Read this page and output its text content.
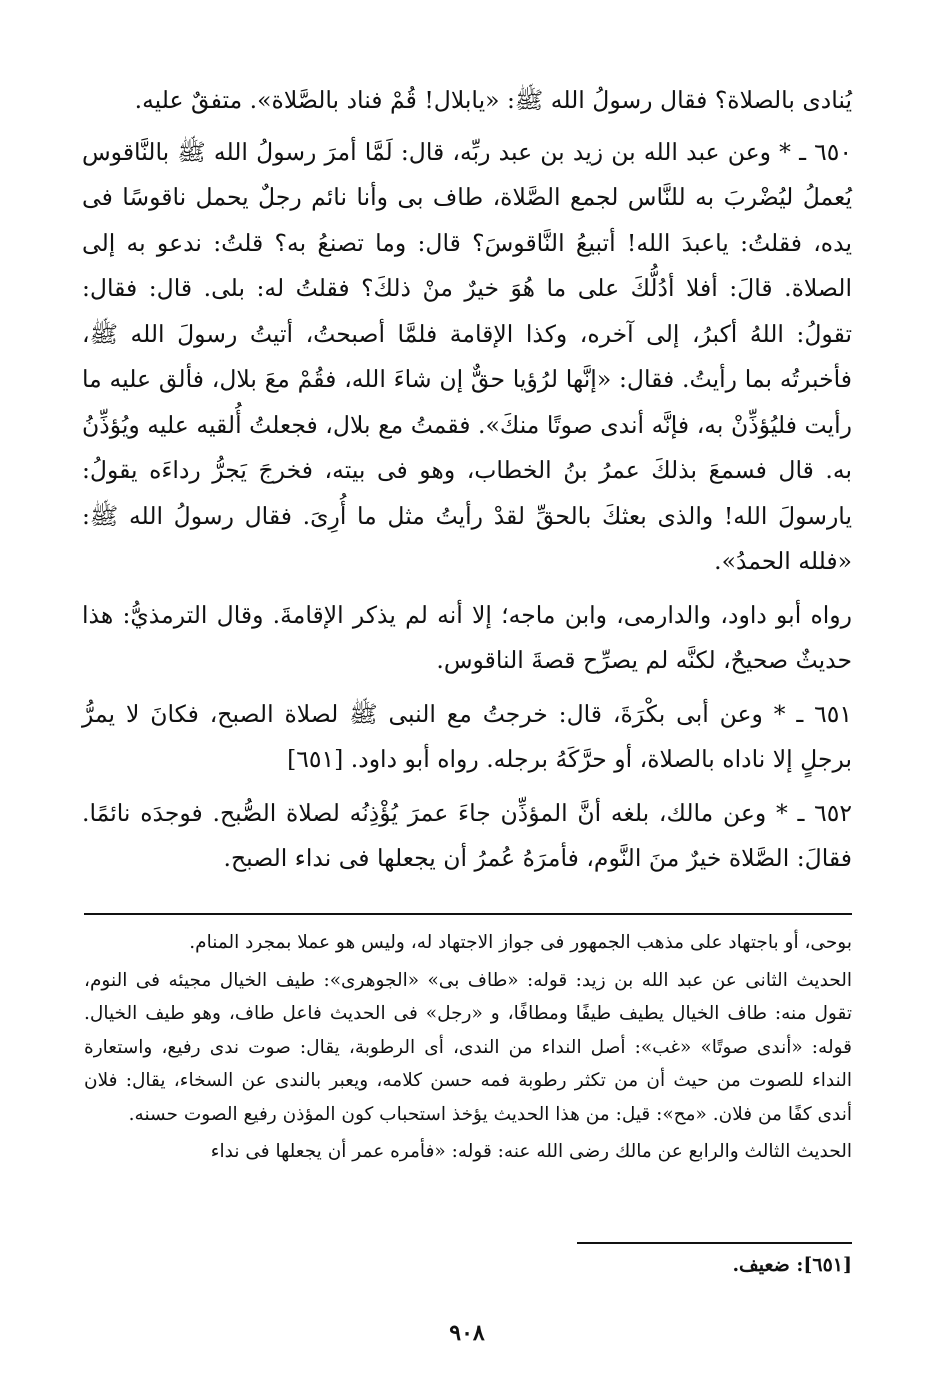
يُنادى بالصلاة؟ فقال رسولُ الله ﷺ: «يابلال! قُمْ فناد بالصَّلاة». متفقٌ عليه.

٦٥٠ ـ * وعن عبد الله بن زيد بن عبد ربِّه، قال: لَمَّا أمرَ رسولُ الله ﷺ بالنَّاقوس يُعملُ ليُضْربَ به للنَّاس لجمع الصَّلاة، طاف بى وأنا نائم رجلٌ يحمل ناقوسًا فى يده، فقلتُ: ياعبدَ الله! أتبيعُ النَّاقوسَ؟ قال: وما تصنعُ به؟ قلتُ: ندعو به إلى الصلاة. قالَ: أفلا أدُلُّكَ على ما هُوَ خيرٌ منْ ذلكَ؟ فقلتُ له: بلى. قال: فقال: تقولُ: اللهُ أكبرُ، إلى آخره، وكذا الإقامة فلمَّا أصبحتُ، أتيتُ رسولَ الله ﷺ، فأخبرتُه بما رأيتُ. فقال: «إنَّها لرُؤيا حقٌّ إن شاءَ الله، فقُمْ معَ بلال، فألق عليه ما رأيت فليُؤذِّنْ به، فإنَّه أندى صوتًا منكَ». فقمتُ مع بلال، فجعلتُ أُلقيه عليه ويُؤذِّنُ به. قال فسمعَ بذلكَ عمرُ بنُ الخطاب، وهو فى بيته، فخرجَ يَجرُّ رداءَه يقولُ: يارسولَ الله! والذى بعثكَ بالحقِّ لقدْ رأيتُ مثل ما أُرِىَ. فقال رسولُ الله ﷺ: «فلله الحمدُ».

رواه أبو داود، والدارمى، وابن ماجه؛ إلا أنه لم يذكر الإقامةَ. وقال الترمذيُّ: هذا حديثٌ صحيحٌ، لكنَّه لم يصرِّح قصةَ الناقوس.

٦٥١ ـ * وعن أبى بكْرَةَ، قال: خرجتُ مع النبى ﷺ لصلاة الصبح، فكانَ لا يمرُّ برجلٍ إلا ناداه بالصلاة، أو حرَّكَهُ برجله. رواه أبو داود. [٦٥١]

٦٥٢ ـ * وعن مالك، بلغه أنَّ المؤذِّن جاءَ عمرَ يُؤْذِنُه لصلاة الصُّبح. فوجدَه نائمًا. فقالَ: الصَّلاة خيرٌ منَ النَّوم، فأمرَهُ عُمرُ أن يجعلها فى نداء الصبح.

بوحى، أو باجتهاد على مذهب الجمهور فى جواز الاجتهاد له، وليس هو عملا بمجرد المنام.

الحديث الثانى عن عبد الله بن زيد: قوله: «طاف بى» «الجوهرى»: طيف الخيال مجيئه فى النوم، تقول منه: طاف الخيال يطيف طيفًا ومطافًا، و «رجل» فى الحديث فاعل طاف، وهو طيف الخيال. قوله: «أندى صوتًا» «غب»: أصل النداء من الندى، أى الرطوبة، يقال: صوت ندى رفيع، واستعارة النداء للصوت من حيث أن من تكثر رطوبة فمه حسن كلامه، ويعبر بالندى عن السخاء، يقال: فلان أندى كفًا من فلان. «مح»: قيل: من هذا الحديث يؤخذ استحباب كون المؤذن رفيع الصوت حسنه.

الحديث الثالث والرابع عن مالك رضى الله عنه: قوله: «فأمره عمر أن يجعلها فى نداء

[٦٥١]: ضعيف.
٩٠٨
